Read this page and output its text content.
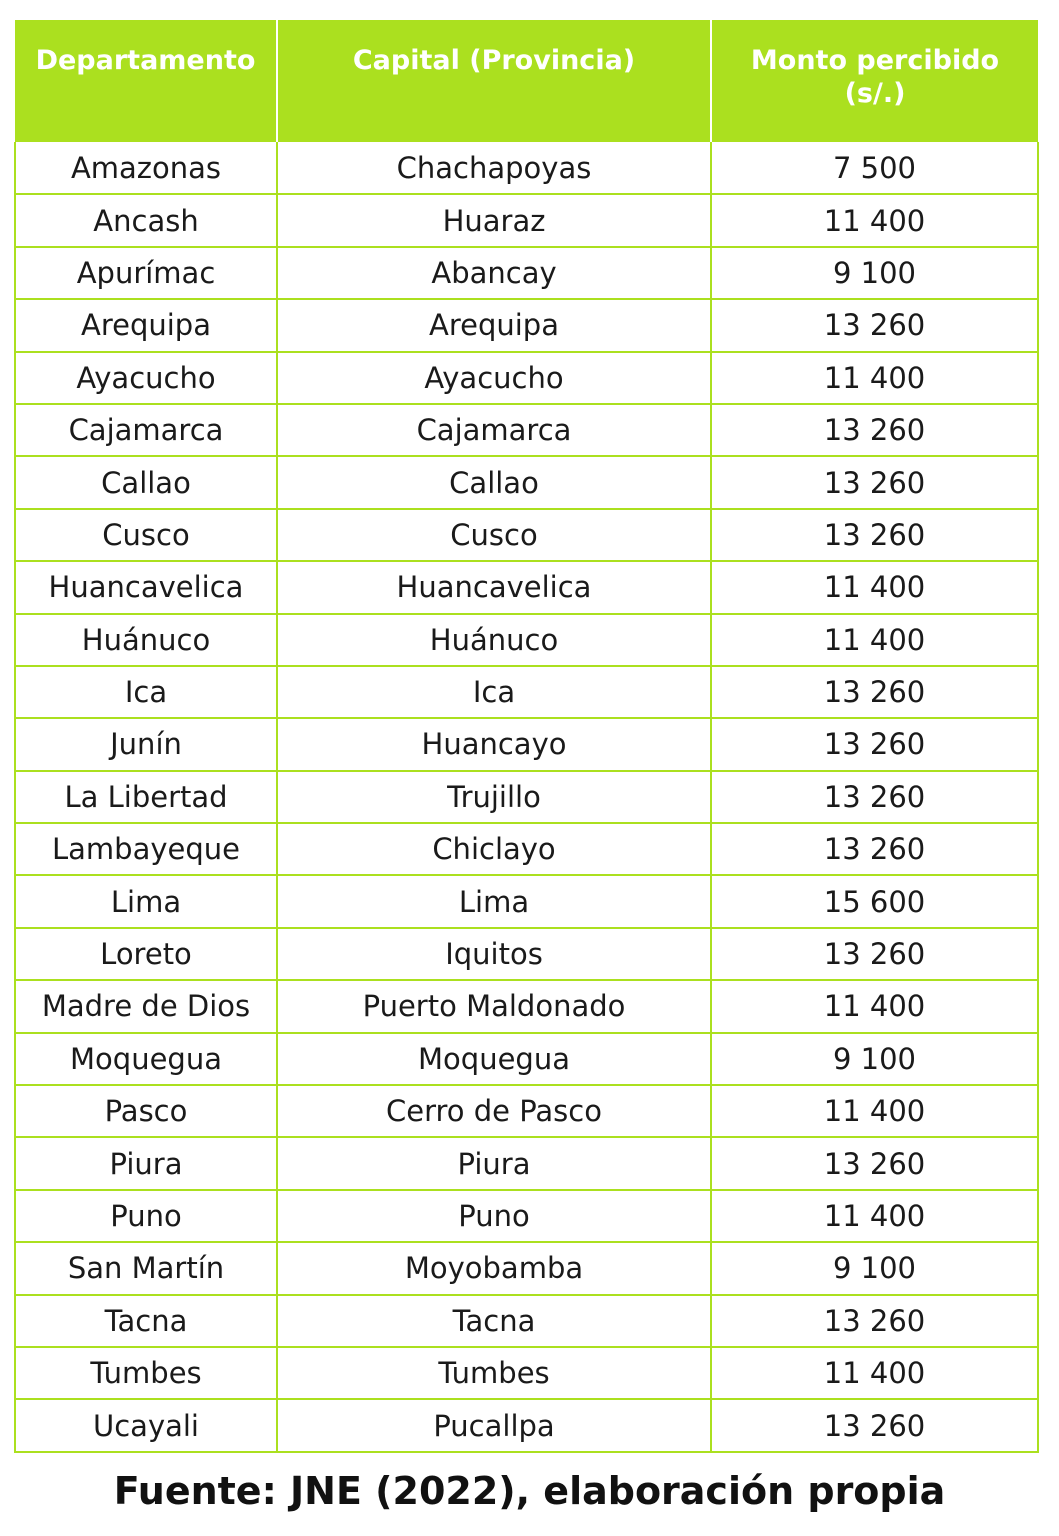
Departamento	Capital (Provincia)	Monto percibido (s/.)

Amazonas	Chachapoyas	7 500
Ancash	Huaraz	11 400
Apurímac	Abancay	9 100
Arequipa	Arequipa	13 260
Ayacucho	Ayacucho	11 400
Cajamarca	Cajamarca	13 260
Callao	Callao	13 260
Cusco	Cusco	13 260
Huancavelica	Huancavelica	11 400
Huánuco	Huánuco	11 400
Ica	Ica	13 260
Junín	Huancayo	13 260
La Libertad	Trujillo	13 260
Lambayeque	Chiclayo	13 260
Lima	Lima	15 600
Loreto	Iquitos	13 260
Madre de Dios	Puerto Maldonado	11 400
Moquegua	Moquegua	9 100
Pasco	Cerro de Pasco	11 400
Piura	Piura	13 260
Puno	Puno	11 400
San Martín	Moyobamba	9 100
Tacna	Tacna	13 260
Tumbes	Tumbes	11 400
Ucayali	Pucallpa	13 260
Fuente: JNE (2022), elaboración propia
